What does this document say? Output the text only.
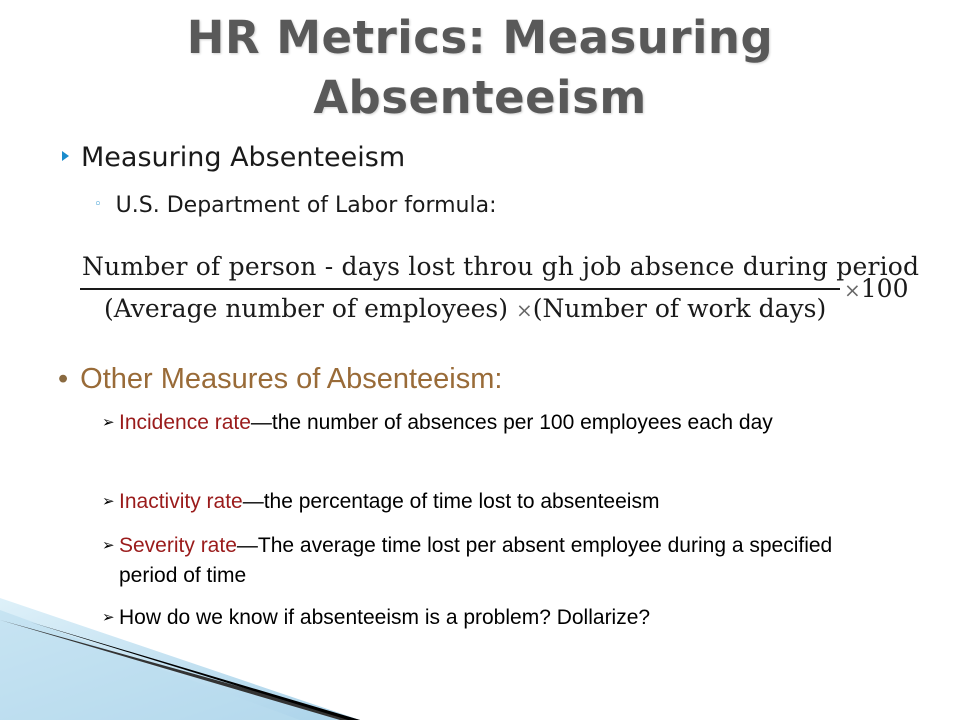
HR Metrics: Measuring Absenteeism
Measuring Absenteeism
◦ U.S. Department of Labor formula:
Number of person - days lost throu gh job absence during period
(Average number of employees) ×(Number of work days)
×100
• Other Measures of Absenteeism:
➢ Incidence rate—the number of absences per 100 employees each day
➢ Inactivity rate—the percentage of time lost to absenteeism
➢ Severity rate—The average time lost per absent employee during a specified period of time
➢ How do we know if absenteeism is a problem? Dollarize?
